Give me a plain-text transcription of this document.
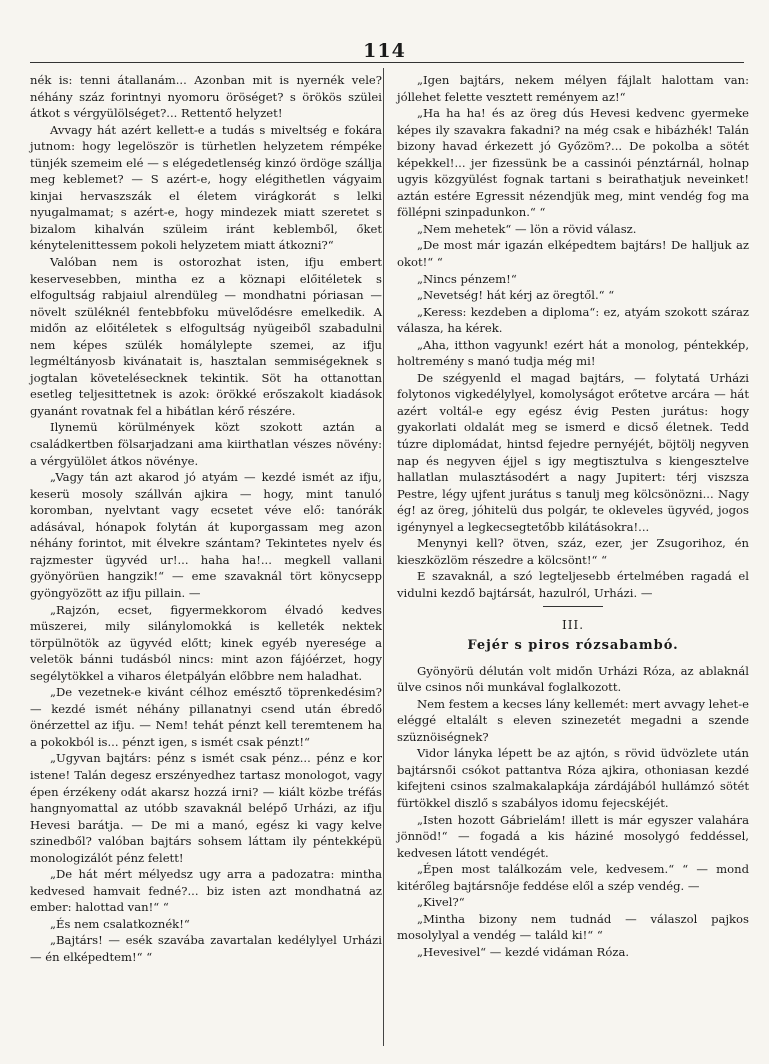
114

nék is: tenni átallanám... Azonban mit is nyernék vele? néhány száz forintnyi nyomoru öröséget? s örökös szülei átkot s vérgyülölséget?... Rettentő helyzet!

Avvagy hát azért kellett-e a tudás s miveltség e fokára jutnom: hogy legelöször is türhetlen helyzetem rémpéke tünjék szemeim elé — s elégedetlenség kinzó ördöge szállja meg keblemet? — S azért-e, hogy elégithetlen vágyaim kinjai hervaszszák el életem virágkorát s lelki nyugalmamat; s azért-e, hogy mindezek miatt szeretet s bizalom kihalván szüleim iránt keblemből, őket kénytelenittessem pokoli helyzetem miatt átkozni?“

Valóban nem is ostorozhat isten, ifju embert keservesebben, mintha ez a köznapi előitéletek s elfogultság rabjaiul alrendüleg — mondhatni póriasan — növelt szüléknél fentebbfoku müvelődésre emelkedik. A midőn az előitéletek s elfogultság nyügeiből szabadulni nem képes szülék homálylepte szemei, az ifju legméltányosb kivánatait is, hasztalan semmiségeknek s jogtalan követelésecknek tekintik. Söt ha ottanottan esetleg teljesittetnek is azok: örökké erőszakolt kiadások gyanánt rovatnak fel a hibátlan kérő részére.

Ilynemü körülmények közt szokott aztán a családkertben fölsarjadzani ama kiirthatlan vészes növény: a vérgyülölet átkos növénye.

„Vagy tán azt akarod jó atyám — kezdé ismét az ifju, keserü mosoly szállván ajkira — hogy, mint tanuló koromban, nyelvtant vagy ecsetet véve elő: tanórák adásával, hónapok folytán át kuporgassam meg azon néhány forintot, mit élvekre szántam? Tekintetes nyelv és rajzmester ügyvéd ur!... haha ha!... megkell vallani gyönyörüen hangzik!“ — eme szavaknál tört könycsepp gyöngyözött az ifju pillain. —

„Rajzón, ecset, figyermekkorom élvadó kedves müszerei, mily silánylomokká is kelleték nektek törpülnötök az ügyvéd előtt; kinek egyéb nyeresége a veletök bánni tudásból nincs: mint azon fájóérzet, hogy segélytökkel a viharos életpályán előbbre nem haladhat.

„De vezetnek-e kivánt célhoz emésztő töprenkedésim? — kezdé ismét néhány pillanatnyi csend után ébredő önérzettel az ifju. — Nem! tehát pénzt kell teremtenem ha a pokokból is... pénzt igen, s ismét csak pénzt!“

„Ugyvan bajtárs: pénz s ismét csak pénz... pénz e kor istene! Talán degesz erszényedhez tartasz monologot, vagy épen érzékeny odát akarsz hozzá irni? — kiált közbe tréfás hangnyomattal az utóbb szavaknál belépő Urházi, az ifju Hevesi barátja. — De mi a manó, egész ki vagy kelve szinedből? valóban bajtárs sohsem láttam ily péntekképü monologizálót pénz felett!

„De hát mért mélyedsz ugy arra a padozatra: mintha kedvesed hamvait fedné?... biz isten azt mondhatná az ember: halottad van!“ “

„És nem csalatkoznék!“

„Bajtárs! — esék szavába zavartalan kedélylyel Urházi — én elképedtem!“ “

„Igen bajtárs, nekem mélyen fájlalt halottam van: jóllehet felette vesztett reményem az!“

„Ha ha ha! és az öreg dús Hevesi kedvenc gyermeke képes ily szavakra fakadni? na még csak e hibázhék! Talán bizony havad érkezett jó Győzöm?... De pokolba a sötét képekkel!... jer fizessünk be a cassinói pénztárnál, holnap ugyis közgyülést fognak tartani s beirathatjuk neveinket! aztán estére Egressit nézendjük meg, mint vendég fog ma föllépni szinpadunkon.“ “

„Nem mehetek“ — lön a rövid válasz.

„De most már igazán elképedtem bajtárs! De halljuk az okot!“ “

„Nincs pénzem!“

„Nevetség! hát kérj az öregtől.“ “

„Keress: kezdeben a diploma“: ez, atyám szokott száraz válasza, ha kérek.

„Aha, itthon vagyunk! ezért hát a monolog, péntekkép, holtremény s manó tudja még mi!

De szégyenld el magad bajtárs, — folytatá Urházi folytonos vigkedélylyel, komolyságot erőtetve arcára — hát azért voltál-e egy egész évig Pesten jurátus: hogy gyakorlati oldalát meg se ismerd e dicső életnek. Tedd túzre diplomádat, hintsd fejedre pernyéjét, böjtölj negyven nap és negyven éjjel s igy megtisztulva s kiengesztelve hallatlan mulasztásodért a nagy Jupitert: térj viszsza Pestre, légy ujfent jurátus s tanulj meg kölcsönözni... Nagy ég! az öreg, jóhitelü dus polgár, te okleveles ügyvéd, jogos igénynyel a legkecsegtetőbb kilátásokra!...

Menynyi kell? ötven, száz, ezer, jer Zsugorihoz, én kieszközlöm részedre a kölcsönt!“ “

E szavaknál, a szó legteljesebb értelmében ragadá el vidulni kezdő bajtársát, hazulról, Urházi. —

III.
Fejér s piros rózsabambó.

Gyönyörü délután volt midőn Urházi Róza, az ablaknál ülve csinos női munkával foglalkozott.

Nem festem a kecses lány kellemét: mert avvagy lehet-e eléggé eltalált s eleven szinezetét megadni a szende szüznöiségnek?

Vidor lányka lépett be az ajtón, s rövid üdvözlete után bajtársnői csókot pattantva Róza ajkira, othoniasan kezdé kifejteni csinos szalmakalapkája zárdájából hullámzó sötét fürtökkel diszlő s szabályos idomu fejecskéjét.

„Isten hozott Gábrielám! illett is már egyszer valahára jönnöd!“ — fogadá a kis háziné mosolygó feddéssel, kedvesen látott vendégét.

„Épen most találkozám vele, kedvesem.“ “ — mond kitérőleg bajtársnője feddése elől a szép vendég. —

„Kivel?“

„Mintha bizony nem tudnád — válaszol pajkos mosolylyal a vendég — találd ki!“ “

„Hevesivel“ — kezdé vidáman Róza.
